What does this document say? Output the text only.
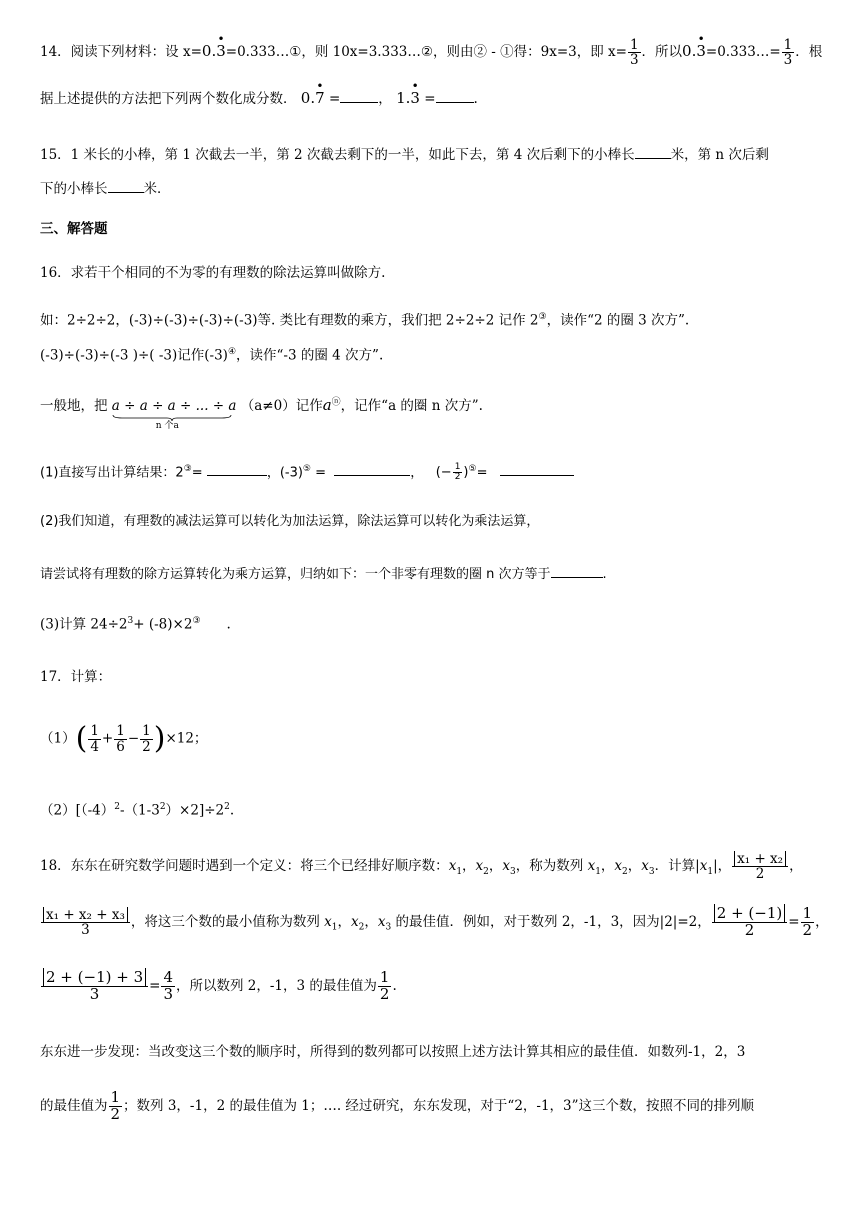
14．阅读下列材料：设 x=0.
•
3=0.333…①，则 10x=3.333…②，则由② - ①得：9x=3，即 $x= \frac{1}{3}$ ．所以0.
•
3=0.333…= $\frac{1}{3}$ ．根
据上述提供的方法把下列两个数化成分数． 0.
•
7 =	， 1.
•
3 =	.
15．1 米长的小棒，第 1 次截去一半，第 2 次截去剩下的一半，如此下去，第 4 次后剩下的小棒长	米，第 n 次后剩
下的小棒长	米．
三、解答题
16．求若干个相同的不为零的有理数的除法运算叫做除方.
如：2÷2÷2，(-3)÷(-3)÷(-3)÷(-3)等. 类比有理数的乘方，我们把 2÷2÷2 记作 2③，读作“2 的圈 3 次方”.
(-3)÷(-3)÷(-3 )÷( -3)记作(-3)④，读作“-3 的圈 4 次方”.
一般地，把 a ÷ a ÷ a ÷ ... ÷ a
n 个a
（a≠0）记作aⓝ，记作“a 的圈 n 次方”.
(1)直接写出计算结果：2③=	，(-3)⑤ =	， (− $\frac{1}{2} )^⑤=$
(2)我们知道，有理数的减法运算可以转化为加法运算，除法运算可以转化为乘法运算，
请尝试将有理数的除方运算转化为乘方运算，归纳如下：一个非零有理数的圈 n 次方等于	.
(3)计算 $24\div 2^3+ (-8)\times 2^③$ .
17．计算：
$(1)( \frac{1}{4} + \frac{1}{6} - \frac{1}{2} )\times 12$；
$(2)[(-4)^2-(1-3^2)\times 2]\div 2^2$.
18．东东在研究数学问题时遇到一个定义：将三个已经排好顺序数：$x_1$，$x_2$，$x_3$，称为数列 $x_1$，$x_2$，$x_3$．计算$|x_1|$， $\frac{\text{x₁ + x₂}}{2}$ ，
$\frac{\text{x₁ + x₂ + x₃}}{3}$ ，将这三个数的最小值称为数列 $x_1$，$x_2$，$x_3$ 的最佳值．例如，对于数列 2，-1，3，因为|2|=2， $\frac{2 + (-1)}{2} = \frac{1}{2}$ ，
$\frac{2 + (-1) + 3}{3} = \frac{4}{3}$ ，所以数列 2，-1，3 的最佳值为 $\frac{1}{2}$ .
东东进一步发现：当改变这三个数的顺序时，所得到的数列都可以按照上述方法计算其相应的最佳值．如数列-1，2，3
的最佳值为 $\frac{1}{2}$ ；数列 3，-1，2 的最佳值为 1；…. 经过研究，东东发现，对于“2，-1，3”这三个数，按照不同的排列顺
